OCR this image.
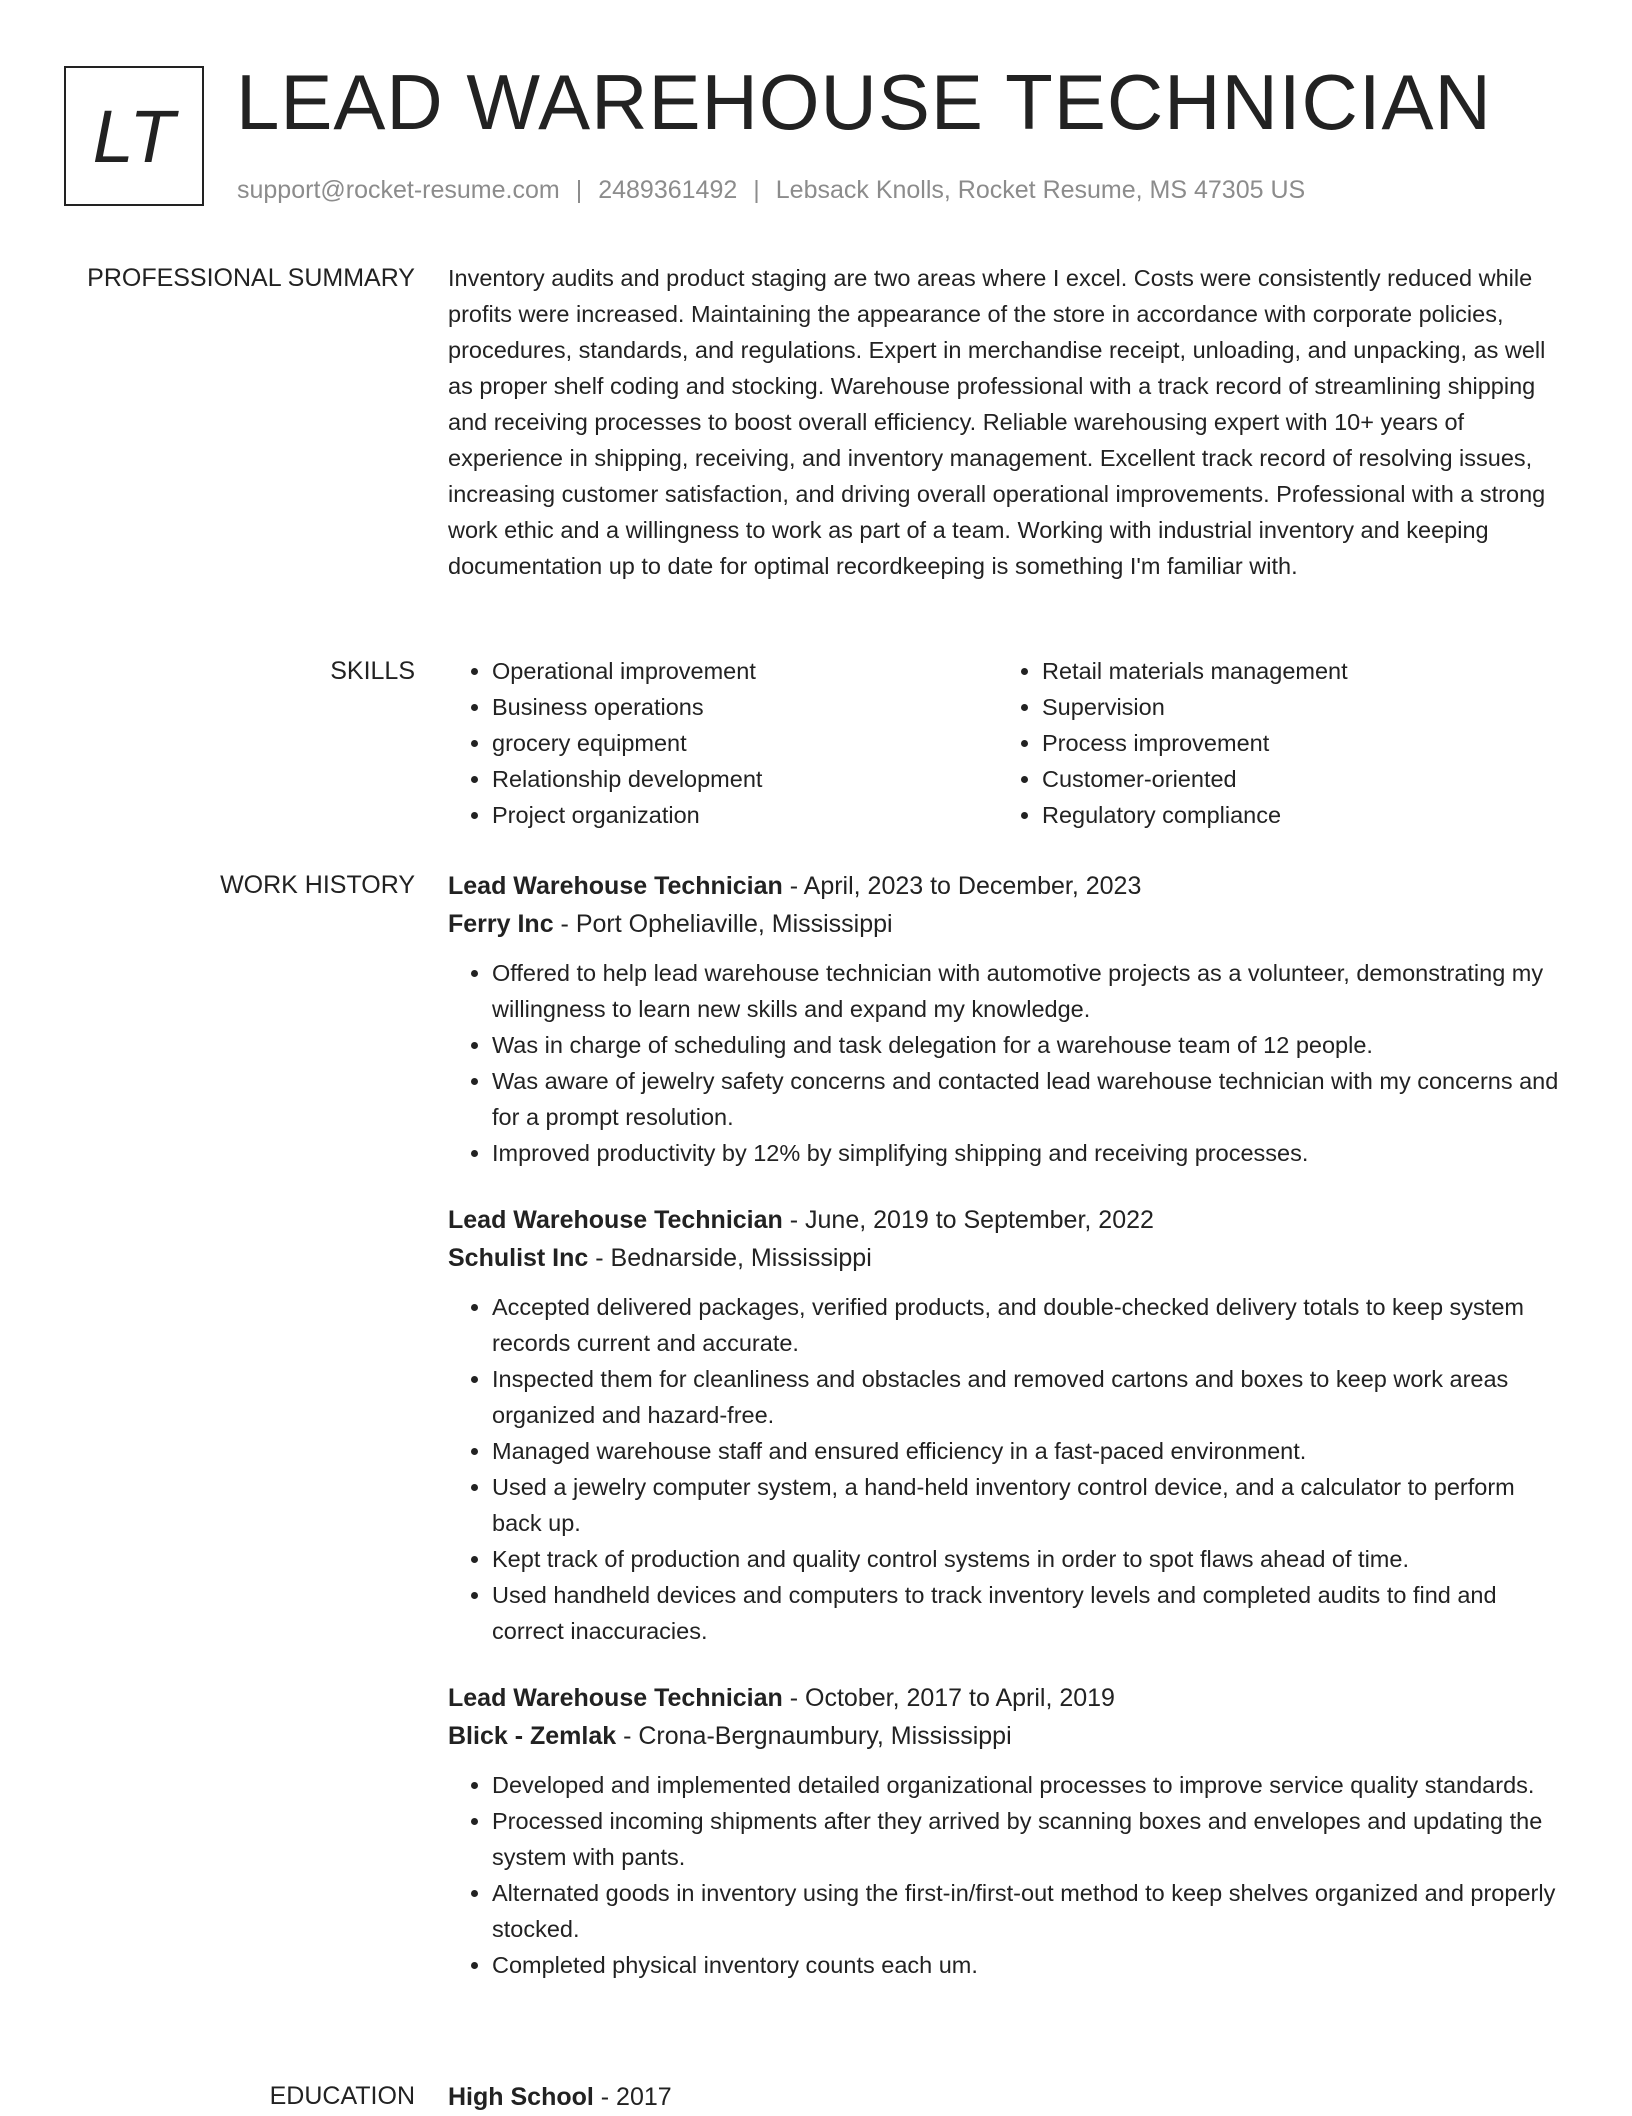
LT LEAD WAREHOUSE TECHNICIAN
support@rocket-resume.com | 2489361492 | Lebsack Knolls, Rocket Resume, MS 47305 US
PROFESSIONAL SUMMARY Inventory audits and product staging are two areas where I excel. Costs were consistently reduced while profits were increased. Maintaining the appearance of the store in accordance with corporate policies, procedures, standards, and regulations. Expert in merchandise receipt, unloading, and unpacking, as well as proper shelf coding and stocking. Warehouse professional with a track record of streamlining shipping and receiving processes to boost overall efficiency. Reliable warehousing expert with 10+ years of experience in shipping, receiving, and inventory management. Excellent track record of resolving issues, increasing customer satisfaction, and driving overall operational improvements. Professional with a strong work ethic and a willingness to work as part of a team. Working with industrial inventory and keeping documentation up to date for optimal recordkeeping is something I'm familiar with.

SKILLS
•	Operational improvement
• Business operations
• grocery equipment
• Relationship development
• Project organization
• Retail materials management
• Supervision
• Process improvement
• Customer-oriented
• Regulatory compliance
WORK HISTORY Lead Warehouse Technician - April, 2023 to December, 2023
Ferry Inc - Port Opheliaville, Mississippi
• Offered to help lead warehouse technician with automotive projects as a volunteer, demonstrating my willingness to learn new skills and expand my knowledge.
• Was in charge of scheduling and task delegation for a warehouse team of 12 people.
• Was aware of jewelry safety concerns and contacted lead warehouse technician with my concerns and for a prompt resolution.
• Improved productivity by 12% by simplifying shipping and receiving processes.
Lead Warehouse Technician - June, 2019 to September, 2022
Schulist Inc - Bednarside, Mississippi
• Accepted delivered packages, verified products, and double-checked delivery totals to keep system records current and accurate.
• Inspected them for cleanliness and obstacles and removed cartons and boxes to keep work areas organized and hazard-free.
• Managed warehouse staff and ensured efficiency in a fast-paced environment.
• Used a jewelry computer system, a hand-held inventory control device, and a calculator to perform back up.
• Kept track of production and quality control systems in order to spot flaws ahead of time.
• Used handheld devices and computers to track inventory levels and completed audits to find and correct inaccuracies.
Lead Warehouse Technician - October, 2017 to April, 2019
Blick - Zemlak - Crona-Bergnaumbury, Mississippi
• Developed and implemented detailed organizational processes to improve service quality standards.
• Processed incoming shipments after they arrived by scanning boxes and envelopes and updating the system with pants.
• Alternated goods in inventory using the first-in/first-out method to keep shelves organized and properly stocked.
• Completed physical inventory counts each um.
EDUCATION High School - 2017
